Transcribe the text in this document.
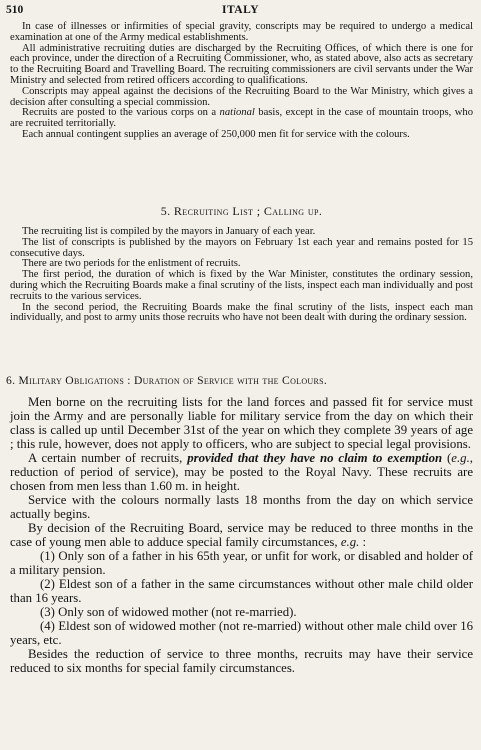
510	ITALY

In case of illnesses or infirmities of special gravity, conscripts may be required to undergo a medical examination at one of the Army medical establishments.

All administrative recruiting duties are discharged by the Recruiting Offices, of which there is one for each province, under the direction of a Recruiting Commissioner, who, as stated above, also acts as secretary to the Recruiting Board and Travelling Board. The recruiting commissioners are civil servants under the War Ministry and selected from retired officers according to qualifications.

Conscripts may appeal against the decisions of the Recruiting Board to the War Ministry, which gives a decision after consulting a special commission.

Recruits are posted to the various corps on a national basis, except in the case of mountain troops, who are recruited territorially.

Each annual contingent supplies an average of 250,000 men fit for service with the colours.

5. Recruiting List ; Calling up.

The recruiting list is compiled by the mayors in January of each year.

The list of conscripts is published by the mayors on February 1st each year and remains posted for 15 consecutive days.

There are two periods for the enlistment of recruits.

The first period, the duration of which is fixed by the War Minister, constitutes the ordinary session, during which the Recruiting Boards make a final scrutiny of the lists, inspect each man individually and post recruits to the various services.

In the second period, the Recruiting Boards make the final scrutiny of the lists, inspect each man individually, and post to army units those recruits who have not been dealt with during the ordinary session.

6. Military Obligations : Duration of Service with the Colours.

Men borne on the recruiting lists for the land forces and passed fit for service must join the Army and are personally liable for military service from the day on which their class is called up until December 31st of the year on which they complete 39 years of age ; this rule, however, does not apply to officers, who are subject to special legal provisions.

A certain number of recruits, provided that they have no claim to exemption (e.g., reduction of period of service), may be posted to the Royal Navy. These recruits are chosen from men less than 1.60 m. in height.

Service with the colours normally lasts 18 months from the day on which service actually begins.

By decision of the Recruiting Board, service may be reduced to three months in the case of young men able to adduce special family circumstances, e.g. :

(1) Only son of a father in his 65th year, or unfit for work, or disabled and holder of a military pension.

(2) Eldest son of a father in the same circumstances without other male child older than 16 years.

(3) Only son of widowed mother (not re-married).

(4) Eldest son of widowed mother (not re-married) without other male child over 16 years, etc.

Besides the reduction of service to three months, recruits may have their service reduced to six months for special family circumstances.
